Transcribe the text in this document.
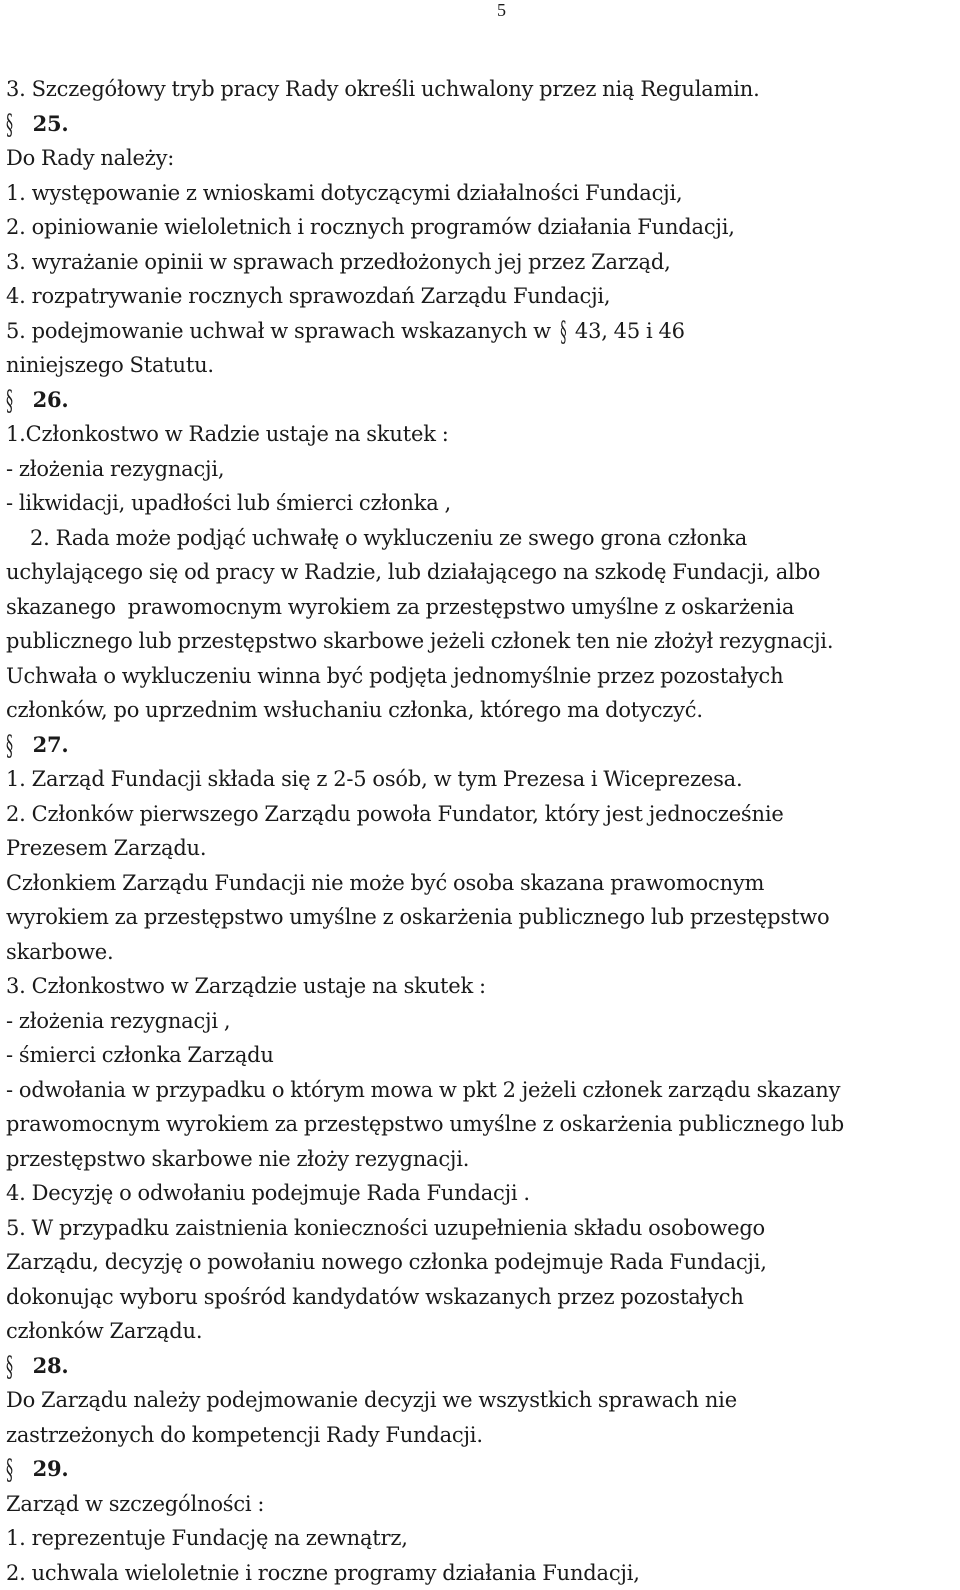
5
3. Szczegółowy tryb pracy Rady określi uchwalony przez nią Regulamin.
§ 25.
Do Rady należy:
1. występowanie z wnioskami dotyczącymi działalności Fundacji,
2. opiniowanie wieloletnich i rocznych programów działania Fundacji,
3. wyrażanie opinii w sprawach przedłożonych jej przez Zarząd,
4. rozpatrywanie rocznych sprawozdań Zarządu Fundacji,
5. podejmowanie uchwał w sprawach wskazanych w § 43, 45 i 46
niniejszego Statutu.
§ 26.
1.Członkostwo w Radzie ustaje na skutek :
- złożenia rezygnacji,
- likwidacji, upadłości lub śmierci członka ,
2. Rada może podjąć uchwałę o wykluczeniu ze swego grona członka
uchylającego się od pracy w Radzie, lub działającego na szkodę Fundacji, albo
skazanego  prawomocnym wyrokiem za przestępstwo umyślne z oskarżenia
publicznego lub przestępstwo skarbowe jeżeli członek ten nie złożył rezygnacji.
Uchwała o wykluczeniu winna być podjęta jednomyślnie przez pozostałych
członków, po uprzednim wsłuchaniu członka, którego ma dotyczyć.
§ 27.
1. Zarząd Fundacji składa się z 2-5 osób, w tym Prezesa i Wiceprezesa.
2. Członków pierwszego Zarządu powoła Fundator, który jest jednocześnie
Prezesem Zarządu.
Członkiem Zarządu Fundacji nie może być osoba skazana prawomocnym
wyrokiem za przestępstwo umyślne z oskarżenia publicznego lub przestępstwo
skarbowe.
3. Członkostwo w Zarządzie ustaje na skutek :
- złożenia rezygnacji ,
- śmierci członka Zarządu
- odwołania w przypadku o którym mowa w pkt 2 jeżeli członek zarządu skazany
prawomocnym wyrokiem za przestępstwo umyślne z oskarżenia publicznego lub
przestępstwo skarbowe nie złoży rezygnacji.
4. Decyzję o odwołaniu podejmuje Rada Fundacji .
5. W przypadku zaistnienia konieczności uzupełnienia składu osobowego
Zarządu, decyzję o powołaniu nowego członka podejmuje Rada Fundacji,
dokonując wyboru spośród kandydatów wskazanych przez pozostałych
członków Zarządu.
§ 28.
Do Zarządu należy podejmowanie decyzji we wszystkich sprawach nie
zastrzeżonych do kompetencji Rady Fundacji.
§ 29.
Zarząd w szczególności :
1. reprezentuje Fundację na zewnątrz,
2. uchwala wieloletnie i roczne programy działania Fundacji,
